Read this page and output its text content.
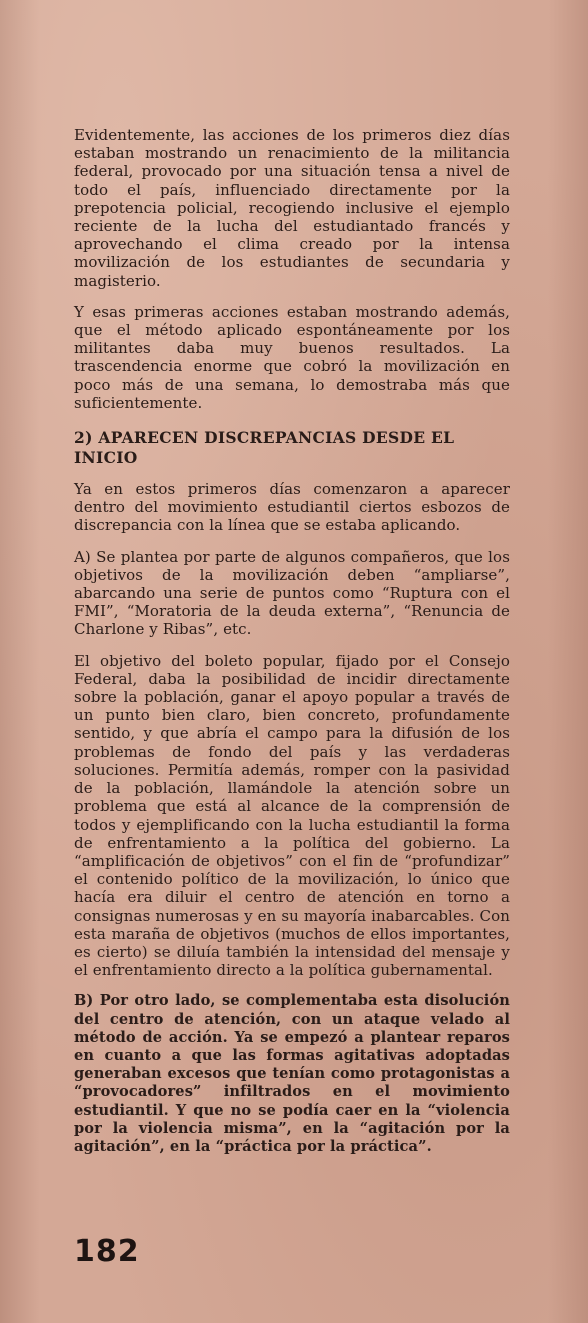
Evidentemente, las acciones de los primeros diez días estaban mostrando un renacimiento de la militancia federal, provocado por una situación tensa a nivel de todo el país, influenciado directamente por la prepotencia policial, recogiendo inclusive el ejemplo reciente de la lucha del estudiantado francés y aprovechando el clima creado por la intensa movilización de los estudiantes de secundaria y magisterio.

Y esas primeras acciones estaban mostrando además, que el método aplicado espontáneamente por los militantes daba muy buenos resultados. La trascendencia enorme que cobró la movilización en poco más de una semana, lo demostraba más que suficientemente.

2) APARECEN DISCREPANCIAS DESDE EL INICIO

Ya en estos primeros días comenzaron a aparecer dentro del movimiento estudiantil ciertos esbozos de discrepancia con la línea que se estaba aplicando.

A) Se plantea por parte de algunos compañeros, que los objetivos de la movilización deben “ampliarse”, abarcando una serie de puntos como “Ruptura con el FMI”, “Moratoria de la deuda externa”, “Renuncia de Charlone y Ribas”, etc.

El objetivo del boleto popular, fijado por el Consejo Federal, daba la posibilidad de incidir directamente sobre la población, ganar el apoyo popular a través de un punto bien claro, bien concreto, profundamente sentido, y que abría el campo para la difusión de los problemas de fondo del país y las verdaderas soluciones. Permitía además, romper con la pasividad de la población, llamándole la atención sobre un problema que está al alcance de la comprensión de todos y ejemplificando con la lucha estudiantil la forma de enfrentamiento a la política del gobierno. La “amplificación de objetivos” con el fin de “profundizar” el contenido político de la movilización, lo único que hacía era diluir el centro de atención en torno a consignas numerosas y en su mayoría inabarcables. Con esta maraña de objetivos (muchos de ellos importantes, es cierto) se diluía también la intensidad del mensaje y el enfrentamiento directo a la política gubernamental.

B) Por otro lado, se complementaba esta disolución del centro de atención, con un ataque velado al método de acción. Ya se empezó a plantear reparos en cuanto a que las formas agitativas adoptadas generaban excesos que tenían como protagonistas a “provocadores” infiltrados en el movimiento estudiantil. Y que no se podía caer en la “violencia por la violencia misma”, en la “agitación por la agitación”, en la “práctica por la práctica”.

182
